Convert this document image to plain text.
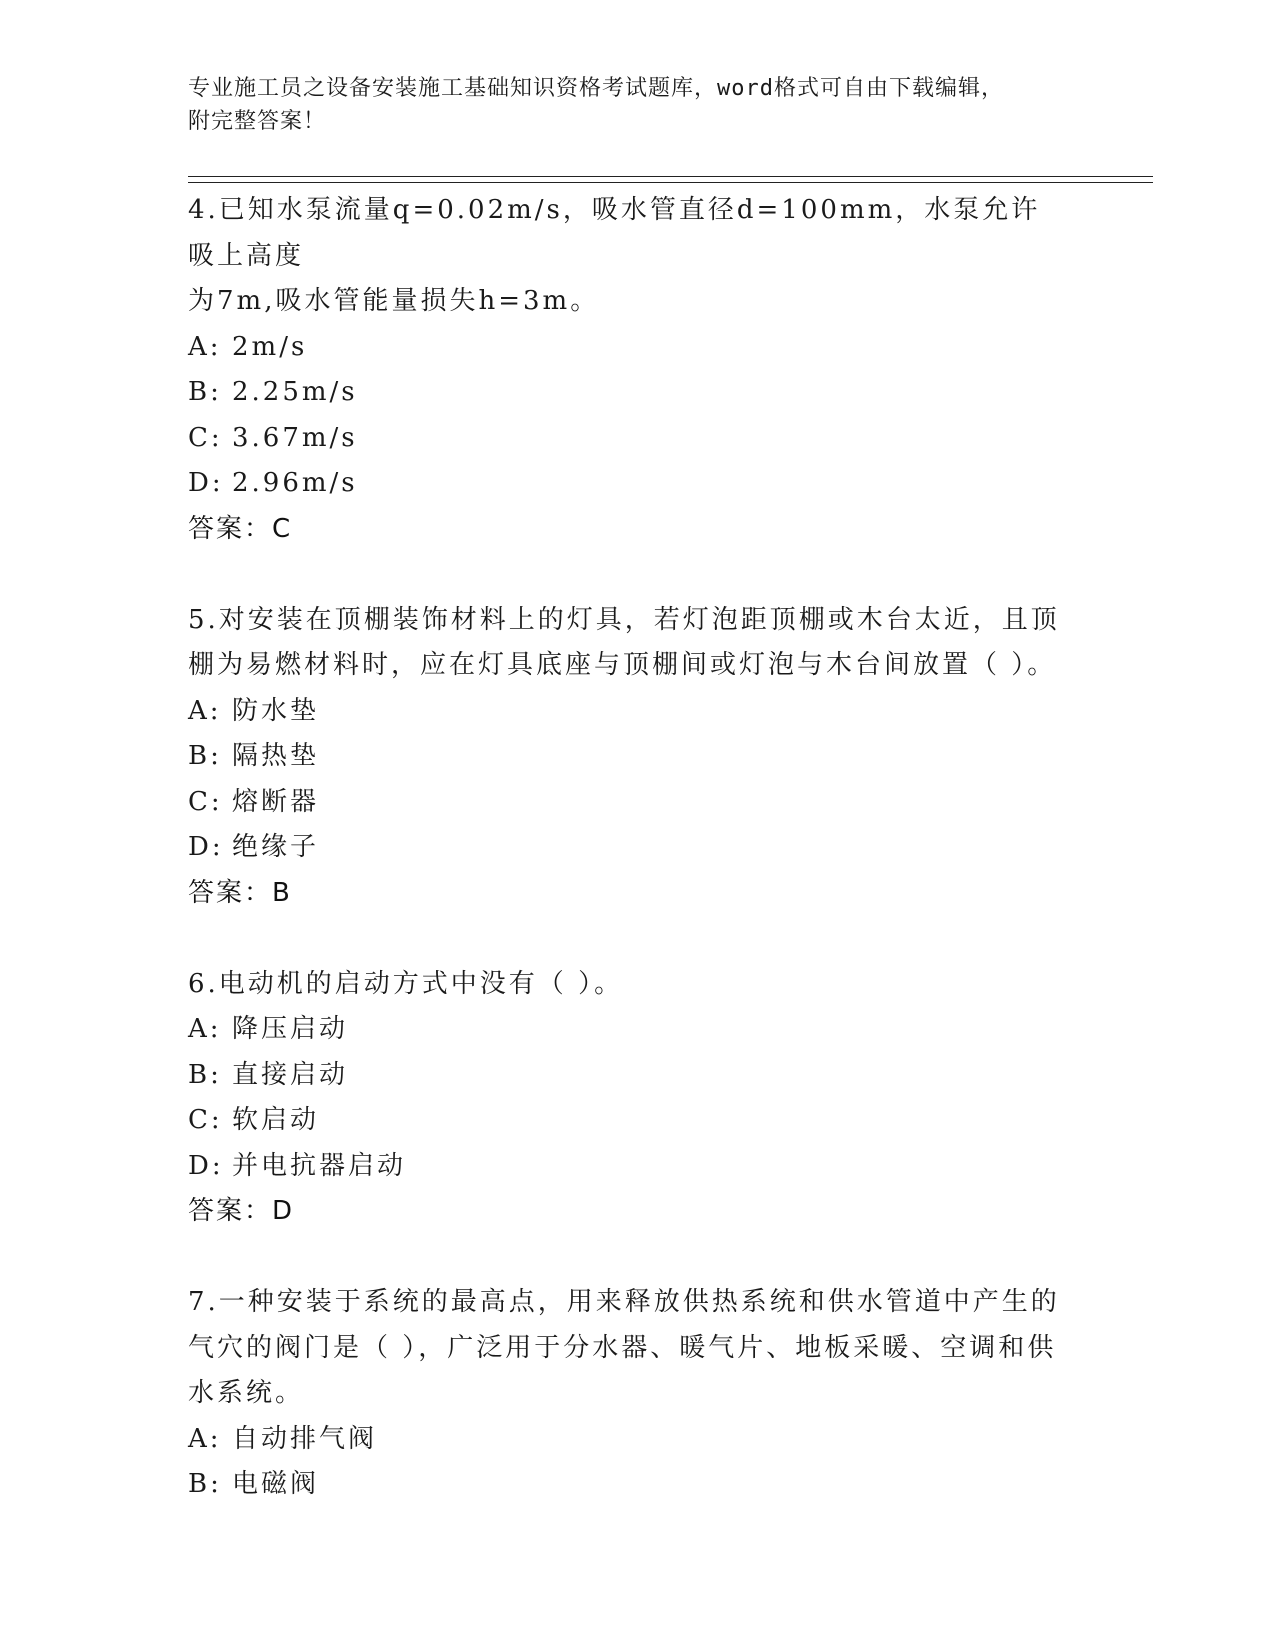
专业施工员之设备安装施工基础知识资格考试题库，word格式可自由下载编辑，
附完整答案！
4.已知水泵流量q=0.02m/s，吸水管直径d=100mm，水泵允许吸上高度
为7m,吸水管能量损失h=3m。
A: 2m/s
B: 2.25m/s
C: 3.67m/s
D: 2.96m/s
答案：C
5.对安装在顶棚装饰材料上的灯具，若灯泡距顶棚或木台太近，且顶
棚为易燃材料时，应在灯具底座与顶棚间或灯泡与木台间放置（ ）。
A: 防水垫
B: 隔热垫
C: 熔断器
D: 绝缘子
答案：B
6.电动机的启动方式中没有（ ）。
A: 降压启动
B: 直接启动
C: 软启动
D: 并电抗器启动
答案：D
7.一种安装于系统的最高点，用来释放供热系统和供水管道中产生的
气穴的阀门是（ ），广泛用于分水器、暖气片、地板采暖、空调和供
水系统。
A: 自动排气阀
B: 电磁阀
